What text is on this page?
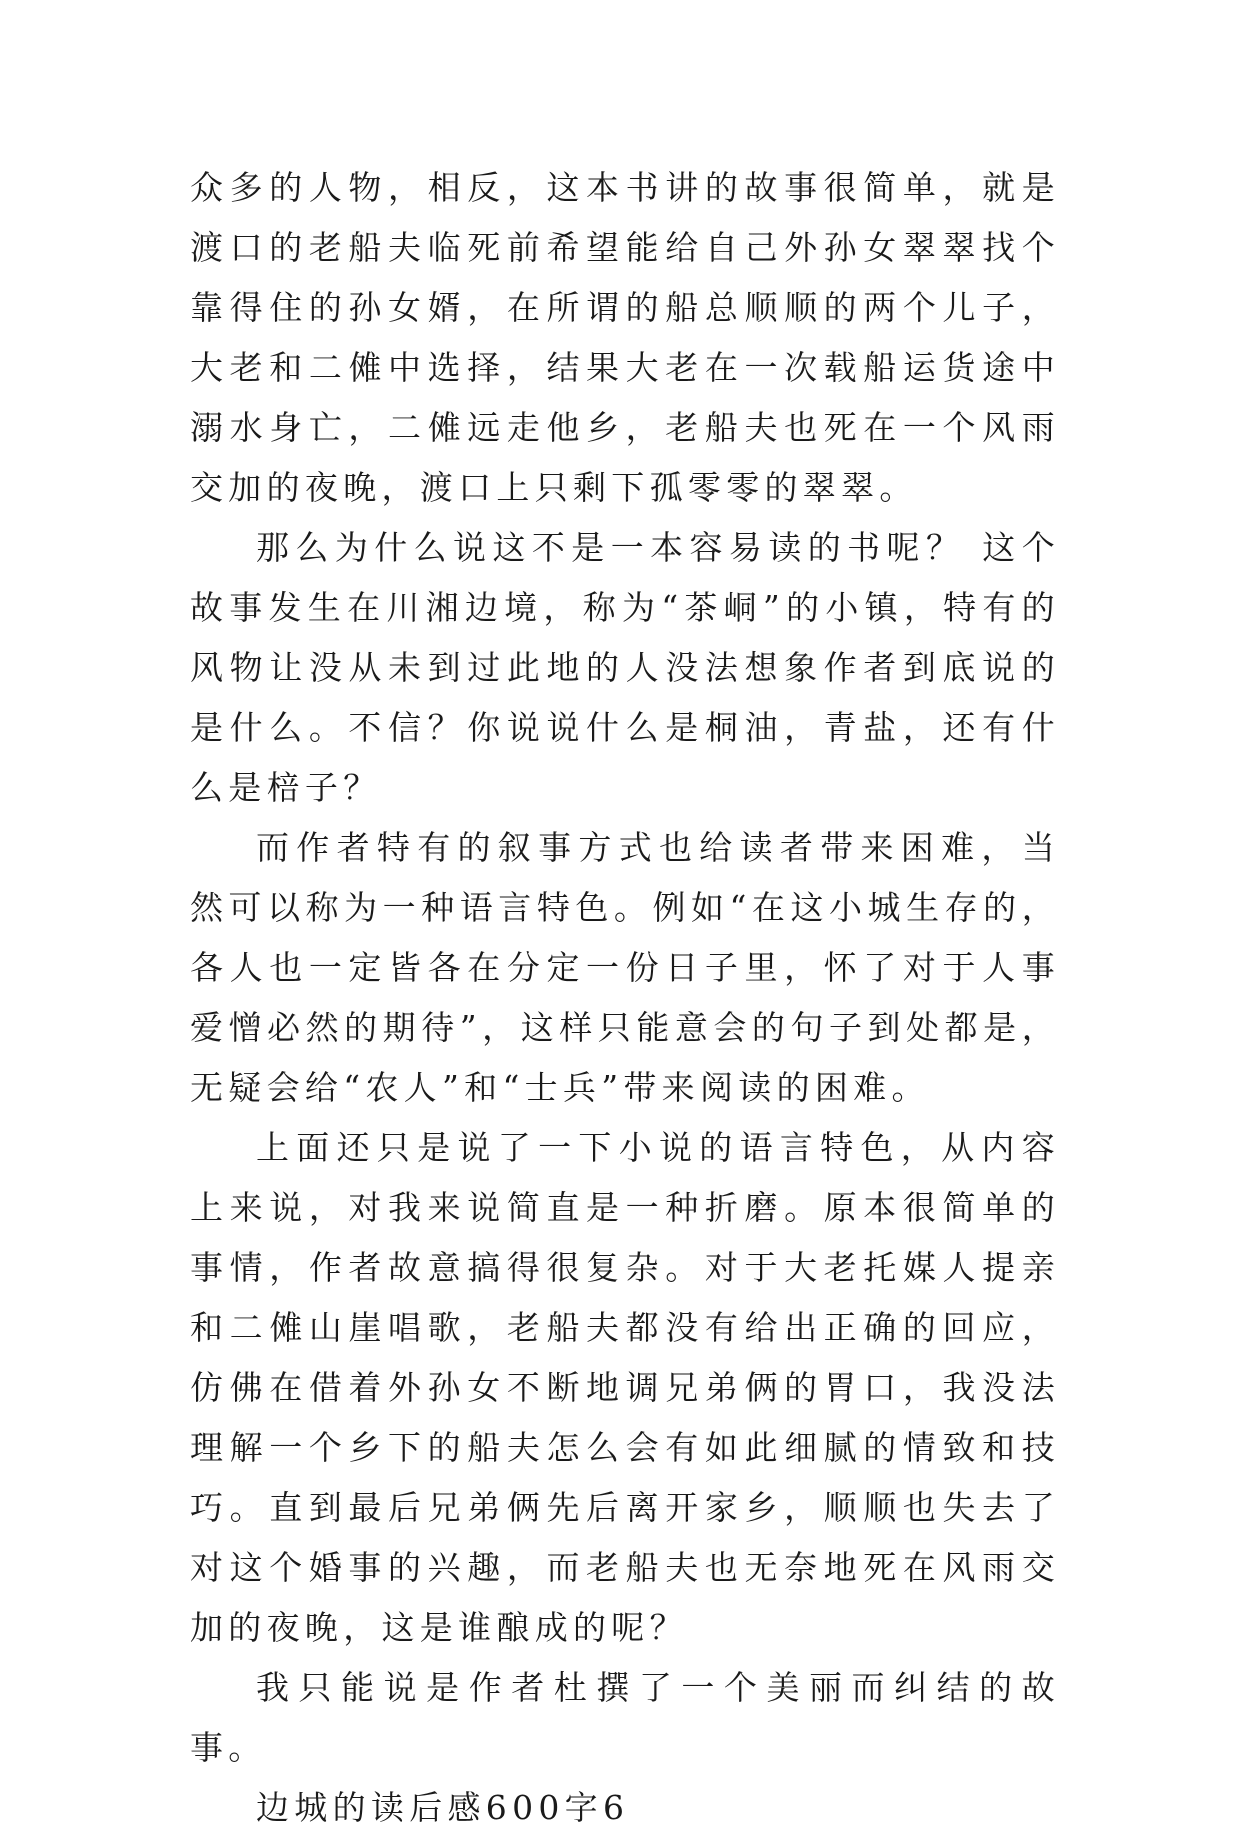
众多的人物，相反，这本书讲的故事很简单，就是渡口的老船夫临死前希望能给自己外孙女翠翠找个靠得住的孙女婿，在所谓的船总顺顺的两个儿子，大老和二傩中选择，结果大老在一次载船运货途中溺水身亡，二傩远走他乡，老船夫也死在一个风雨交加的夜晚，渡口上只剩下孤零零的翠翠。

那么为什么说这不是一本容易读的书呢？ 这个故事发生在川湘边境，称为“茶峒”的小镇，特有的风物让没从未到过此地的人没法想象作者到底说的是什么。不信？你说说什么是桐油，青盐，还有什么是棓子？

而作者特有的叙事方式也给读者带来困难，当然可以称为一种语言特色。例如“在这小城生存的，各人也一定皆各在分定一份日子里，怀了对于人事爱憎必然的期待”，这样只能意会的句子到处都是，无疑会给“农人”和“士兵”带来阅读的困难。

上面还只是说了一下小说的语言特色，从内容上来说，对我来说简直是一种折磨。原本很简单的事情，作者故意搞得很复杂。对于大老托媒人提亲和二傩山崖唱歌，老船夫都没有给出正确的回应，仿佛在借着外孙女不断地调兄弟俩的胃口，我没法理解一个乡下的船夫怎么会有如此细腻的情致和技巧。直到最后兄弟俩先后离开家乡，顺顺也失去了对这个婚事的兴趣，而老船夫也无奈地死在风雨交加的夜晚，这是谁酿成的呢？

我只能说是作者杜撰了一个美丽而纠结的故事。

边城的读后感600字6
